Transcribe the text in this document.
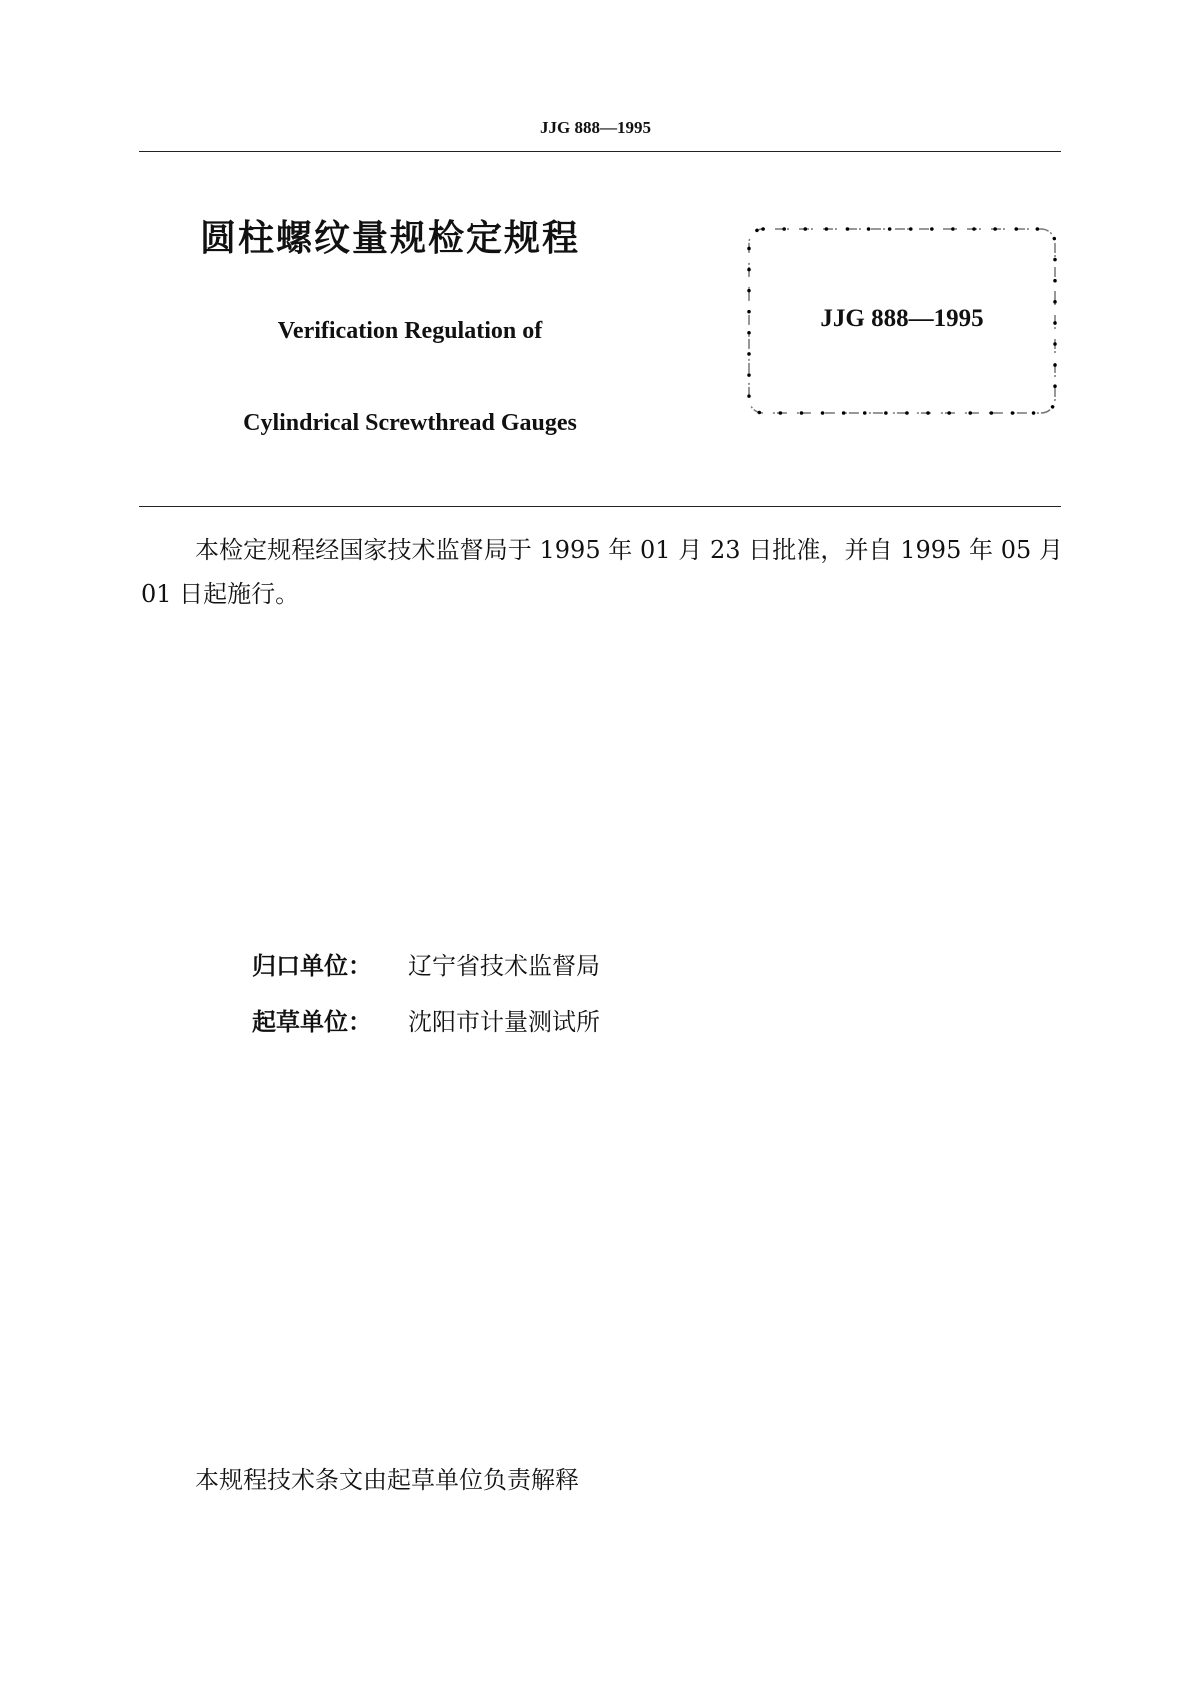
JJG 888—1995
圆柱螺纹量规检定规程
Verification Regulation of
Cylindrical Screwthread Gauges
JJG 888—1995
本检定规程经国家技术监督局于 1995 年 01 月 23 日批准，并自 1995 年 05 月01 日起施行。
归口单位： 辽宁省技术监督局
起草单位： 沈阳市计量测试所
本规程技术条文由起草单位负责解释
